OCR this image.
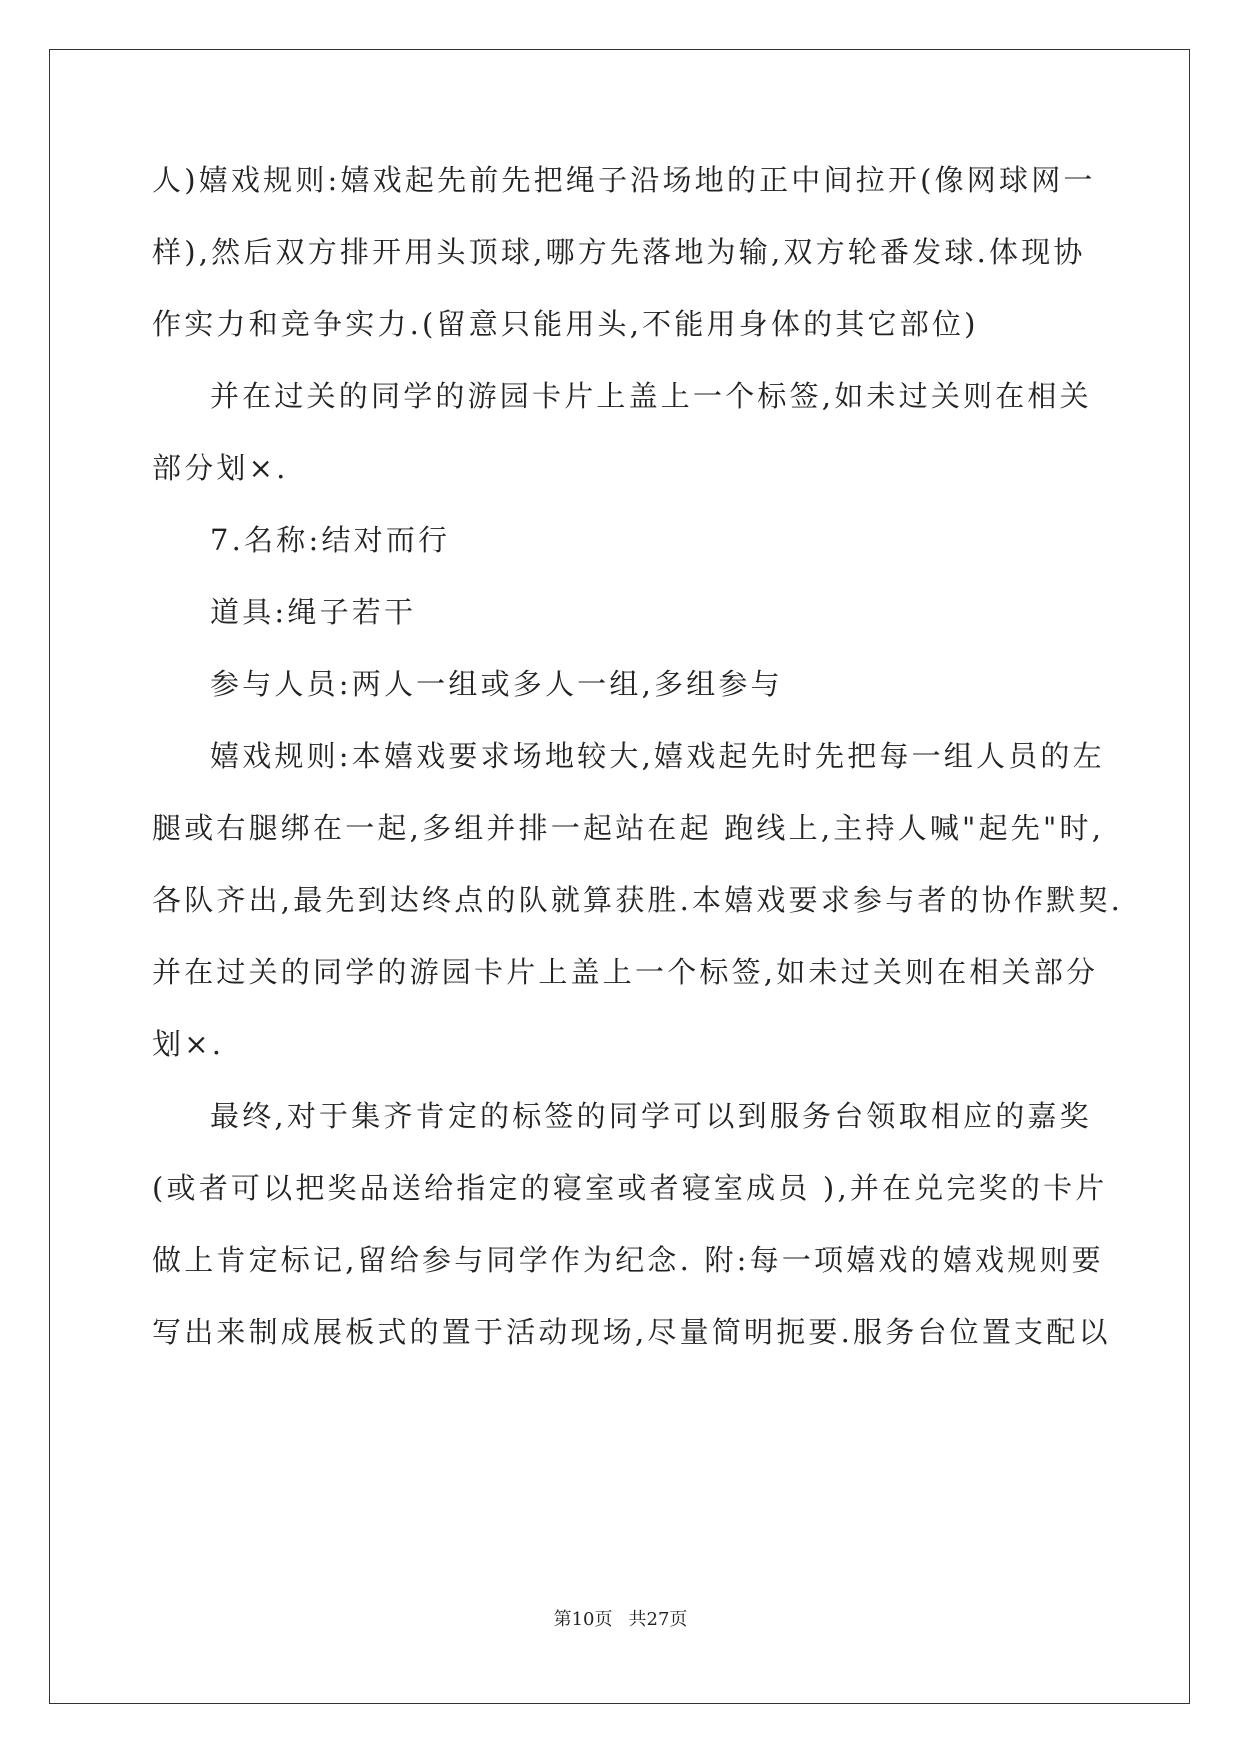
人)嬉戏规则:嬉戏起先前先把绳子沿场地的正中间拉开(像网球网一
样),然后双方排开用头顶球,哪方先落地为输,双方轮番发球.体现协
作实力和竞争实力.(留意只能用头,不能用身体的其它部位)
并在过关的同学的游园卡片上盖上一个标签,如未过关则在相关
部分划×.
7.名称:结对而行
道具:绳子若干
参与人员:两人一组或多人一组,多组参与
嬉戏规则:本嬉戏要求场地较大,嬉戏起先时先把每一组人员的左
腿或右腿绑在一起,多组并排一起站在起 跑线上,主持人喊"起先"时,
各队齐出,最先到达终点的队就算获胜.本嬉戏要求参与者的协作默契.
并在过关的同学的游园卡片上盖上一个标签,如未过关则在相关部分
划×.
最终,对于集齐肯定的标签的同学可以到服务台领取相应的嘉奖
(或者可以把奖品送给指定的寝室或者寝室成员 ),并在兑完奖的卡片
做上肯定标记,留给参与同学作为纪念. 附:每一项嬉戏的嬉戏规则要
写出来制成展板式的置于活动现场,尽量简明扼要.服务台位置支配以
第10页 共27页
